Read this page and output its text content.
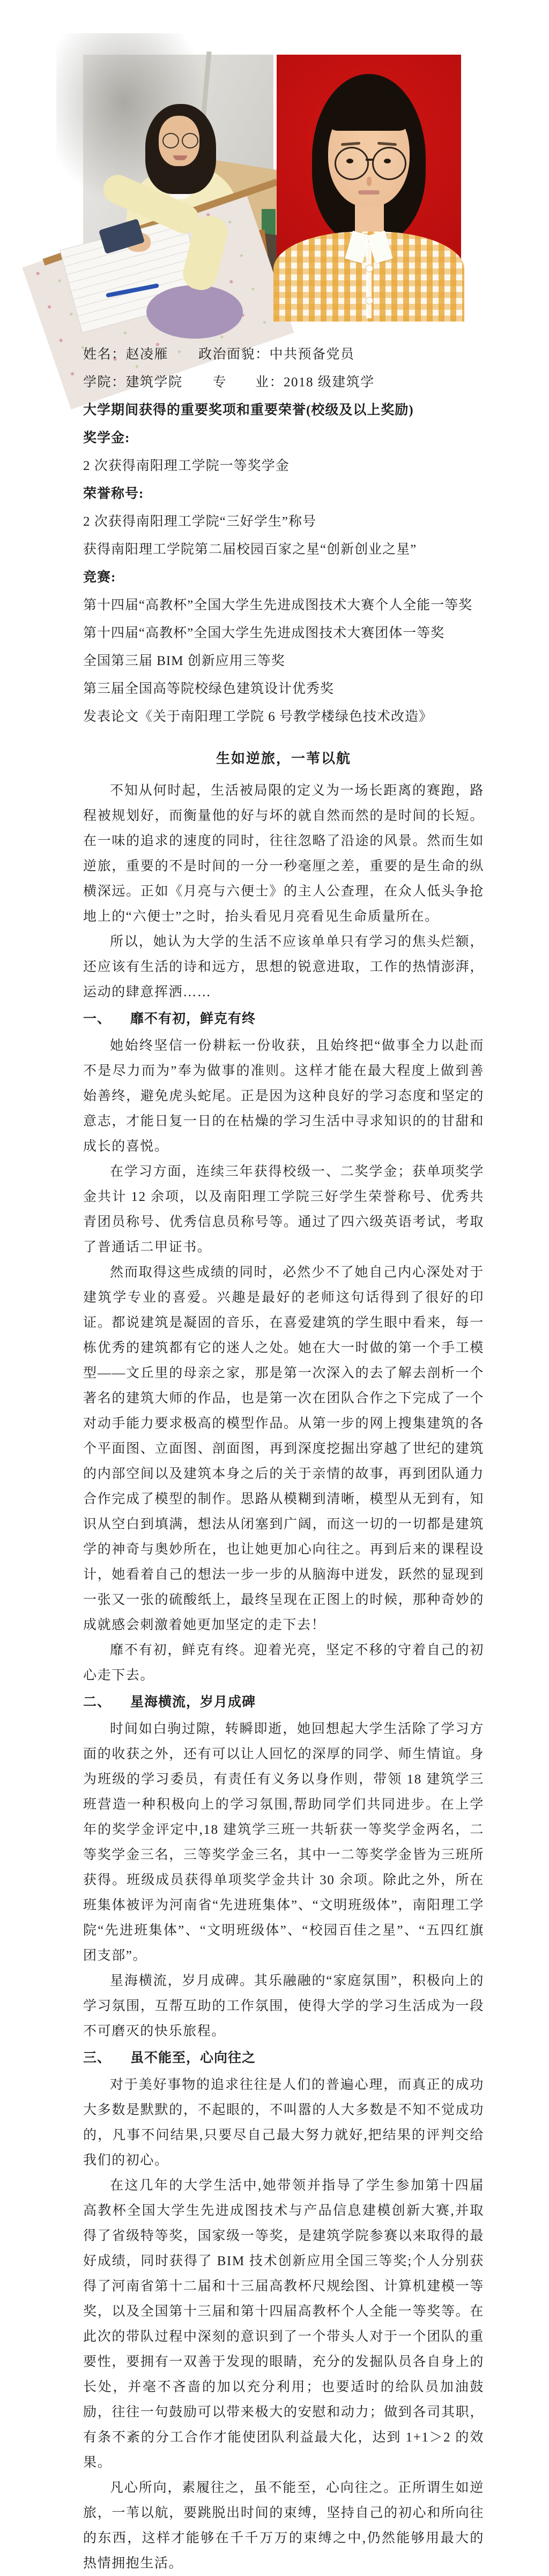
姓名：赵凌雁 政治面貌：中共预备党员

学院：建筑学院 专　　业：2018 级建筑学

大学期间获得的重要奖项和重要荣誉(校级及以上奖励)

奖学金:

2 次获得南阳理工学院一等奖学金

荣誉称号:

2 次获得南阳理工学院“三好学生”称号

获得南阳理工学院第二届校园百家之星“创新创业之星”

竞赛:

第十四届“高教杯”全国大学生先进成图技术大赛个人全能一等奖

第十四届“高教杯”全国大学生先进成图技术大赛团体一等奖

全国第三届 BIM 创新应用三等奖

第三届全国高等院校绿色建筑设计优秀奖

发表论文《关于南阳理工学院 6 号教学楼绿色技术改造》

生如逆旅，一苇以航

不知从何时起，生活被局限的定义为一场长距离的赛跑，路程被规划好，而衡量他的好与坏的就自然而然的是时间的长短。在一味的追求的速度的同时，往往忽略了沿途的风景。然而生如逆旅，重要的不是时间的一分一秒毫厘之差，重要的是生命的纵横深远。正如《月亮与六便士》的主人公查理，在众人低头争抢地上的“六便士”之时，抬头看见月亮看见生命质量所在。

所以，她认为大学的生活不应该单单只有学习的焦头烂额，还应该有生活的诗和远方，思想的锐意进取，工作的热情澎湃，运动的肆意挥洒……

一、 靡不有初，鲜克有终

她始终坚信一份耕耘一份收获，且始终把“做事全力以赴而不是尽力而为”奉为做事的准则。这样才能在最大程度上做到善始善终，避免虎头蛇尾。正是因为这种良好的学习态度和坚定的意志，才能日复一日的在枯燥的学习生活中寻求知识的的甘甜和成长的喜悦。

在学习方面，连续三年获得校级一、二奖学金；获单项奖学金共计 12 余项，以及南阳理工学院三好学生荣誉称号、优秀共青团员称号、优秀信息员称号等。通过了四六级英语考试，考取了普通话二甲证书。

然而取得这些成绩的同时，必然少不了她自己内心深处对于建筑学专业的喜爱。兴趣是最好的老师这句话得到了很好的印证。都说建筑是凝固的音乐，在喜爱建筑的学生眼中看来，每一栋优秀的建筑都有它的迷人之处。她在大一时做的第一个手工模型——文丘里的母亲之家，那是第一次深入的去了解去剖析一个著名的建筑大师的作品，也是第一次在团队合作之下完成了一个对动手能力要求极高的模型作品。从第一步的网上搜集建筑的各个平面图、立面图、剖面图，再到深度挖掘出穿越了世纪的建筑的内部空间以及建筑本身之后的关于亲情的故事，再到团队通力合作完成了模型的制作。思路从模糊到清晰，模型从无到有，知识从空白到填满，想法从闭塞到广阔，而这一切的一切都是建筑学的神奇与奥妙所在，也让她更加心向往之。再到后来的课程设计，她看着自己的想法一步一步的从脑海中迸发，跃然的显现到一张又一张的硫酸纸上，最终呈现在正图上的时候，那种奇妙的成就感会刺激着她更加坚定的走下去！

靡不有初，鲜克有终。迎着光亮，坚定不移的守着自己的初心走下去。

二、 星海横流，岁月成碑

时间如白驹过隙，转瞬即逝，她回想起大学生活除了学习方面的收获之外，还有可以让人回忆的深厚的同学、师生情谊。身为班级的学习委员，有责任有义务以身作则，带领 18 建筑学三班营造一种积极向上的学习氛围,帮助同学们共同进步。在上学年的奖学金评定中,18 建筑学三班一共斩获一等奖学金两名，二等奖学金三名，三等奖学金三名，其中一二等奖学金皆为三班所获得。班级成员获得单项奖学金共计 30 余项。除此之外，所在班集体被评为河南省“先进班集体”、“文明班级体”，南阳理工学院“先进班集体”、“文明班级体”、“校园百佳之星”、“五四红旗团支部”。

星海横流，岁月成碑。其乐融融的“家庭氛围”，积极向上的学习氛围，互帮互助的工作氛围，使得大学的学习生活成为一段不可磨灭的快乐旅程。

三、 虽不能至，心向往之

对于美好事物的追求往往是人们的普遍心理，而真正的成功大多数是默默的，不起眼的，不叫嚣的人大多数是不知不觉成功的，凡事不问结果,只要尽自己最大努力就好,把结果的评判交给我们的初心。

在这几年的大学生活中,她带领并指导了学生参加第十四届高教杯全国大学生先进成图技术与产品信息建模创新大赛,并取得了省级特等奖，国家级一等奖，是建筑学院参赛以来取得的最好成绩，同时获得了 BIM 技术创新应用全国三等奖;个人分别获得了河南省第十二届和十三届高教杯尺规绘图、计算机建模一等奖，以及全国第十三届和第十四届高教杯个人全能一等奖等。在此次的带队过程中深刻的意识到了一个带头人对于一个团队的重要性，要拥有一双善于发现的眼睛，充分的发掘队员各自身上的长处，并毫不吝啬的加以充分利用；也要适时的给队员加油鼓励，往往一句鼓励可以带来极大的安慰和动力；做到各司其职，有条不紊的分工合作才能使团队利益最大化，达到 1+1＞2 的效果。

凡心所向，素履往之，虽不能至，心向往之。正所谓生如逆旅，一苇以航，要跳脱出时间的束缚，坚持自己的初心和所向往的东西，这样才能够在千千万万的束缚之中,仍然能够用最大的热情拥抱生活。
